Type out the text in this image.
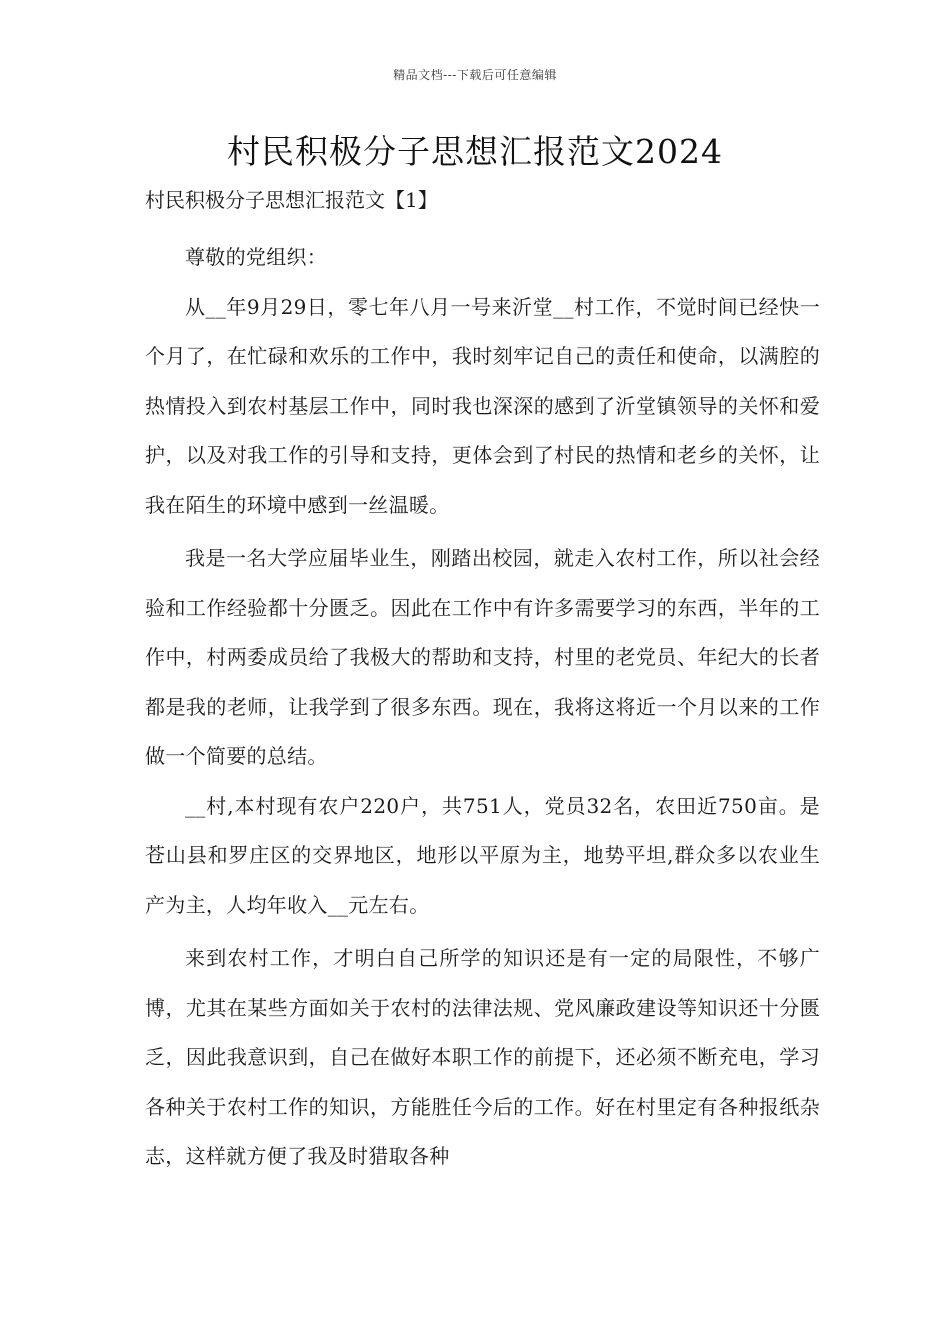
精品文档---下载后可任意编辑
村民积极分子思想汇报范文2024

村民积极分子思想汇报范文【1】

尊敬的党组织：

从__年9月29日，零七年八月一号来沂堂__村工作，不觉时间已经快一个月了，在忙碌和欢乐的工作中，我时刻牢记自己的责任和使命，以满腔的热情投入到农村基层工作中，同时我也深深的感到了沂堂镇领导的关怀和爱护，以及对我工作的引导和支持，更体会到了村民的热情和老乡的关怀，让我在陌生的环境中感到一丝温暖。

我是一名大学应届毕业生，刚踏出校园，就走入农村工作，所以社会经验和工作经验都十分匮乏。因此在工作中有许多需要学习的东西，半年的工作中，村两委成员给了我极大的帮助和支持，村里的老党员、年纪大的长者都是我的老师，让我学到了很多东西。现在，我将这将近一个月以来的工作做一个简要的总结。

__村,本村现有农户220户，共751人，党员32名，农田近750亩。是苍山县和罗庄区的交界地区，地形以平原为主，地势平坦,群众多以农业生产为主，人均年收入__元左右。

来到农村工作，才明白自己所学的知识还是有一定的局限性，不够广博，尤其在某些方面如关于农村的法律法规、党风廉政建设等知识还十分匮乏，因此我意识到，自己在做好本职工作的前提下，还必须不断充电，学习各种关于农村工作的知识，方能胜任今后的工作。好在村里定有各种报纸杂志，这样就方便了我及时猎取各种
